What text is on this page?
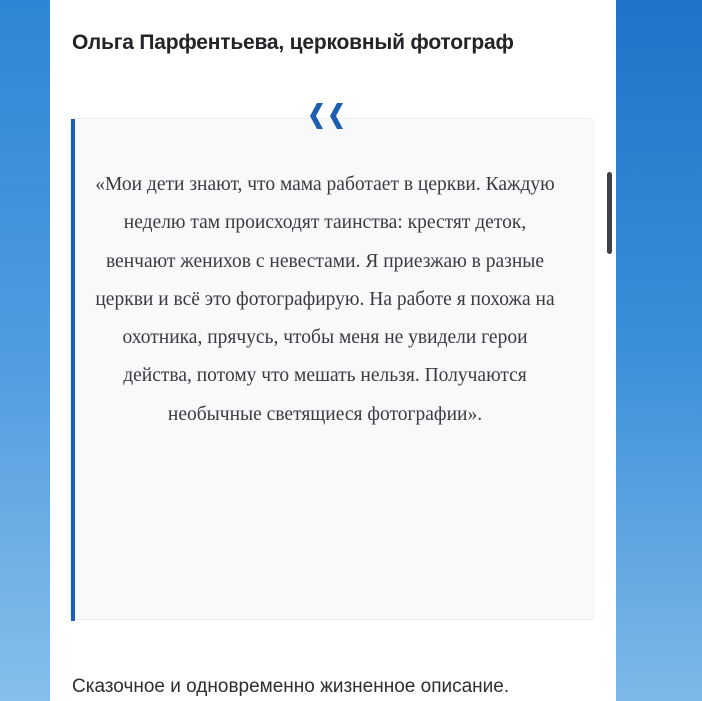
Ольга Парфентьева, церковный фотограф

«Мои дети знают, что мама работает в церкви. Каждую неделю там происходят таинства: крестят деток, венчают женихов с невестами. Я приезжаю в разные церкви и всё это фотографирую. На работе я похожа на охотника, прячусь, чтобы меня не увидели герои действа, потому что мешать нельзя. Получаются необычные светящиеся фотографии».

Сказочное и одновременно жизненное описание.
